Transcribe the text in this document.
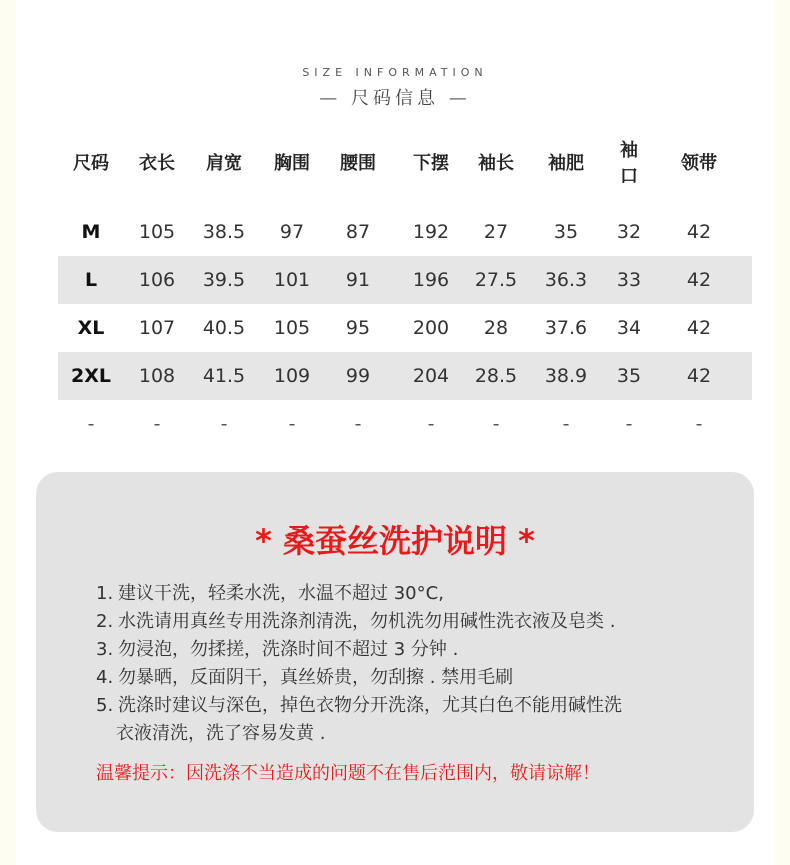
SIZE INFORMATION
— 尺码信息 —
尺码	衣长	肩宽	胸围	腰围	下摆	袖长	袖肥	袖口	领带

M	105	38.5	97	87	192	27	35	32	42
L	106	39.5	101	91	196	27.5	36.3	33	42
XL	107	40.5	105	95	200	28	37.6	34	42
2XL	108	41.5	109	99	204	28.5	38.9	35	42
-	-	-	-	-	-	-	-	-	-
* 桑蚕丝洗护说明 *
1. 建议干洗，轻柔水洗，水温不超过 30°C,
2. 水洗请用真丝专用洗涤剂清洗，勿机洗勿用碱性洗衣液及皂类 .
3. 勿浸泡，勿揉搓，洗涤时间不超过 3 分钟 .
4. 勿暴晒，反面阴干，真丝娇贵，勿刮擦 . 禁用毛刷
5. 洗涤时建议与深色，掉色衣物分开洗涤，尤其白色不能用碱性洗
衣液清洗，洗了容易发黄 .
温馨提示：因洗涤不当造成的问题不在售后范围内，敬请谅解！
